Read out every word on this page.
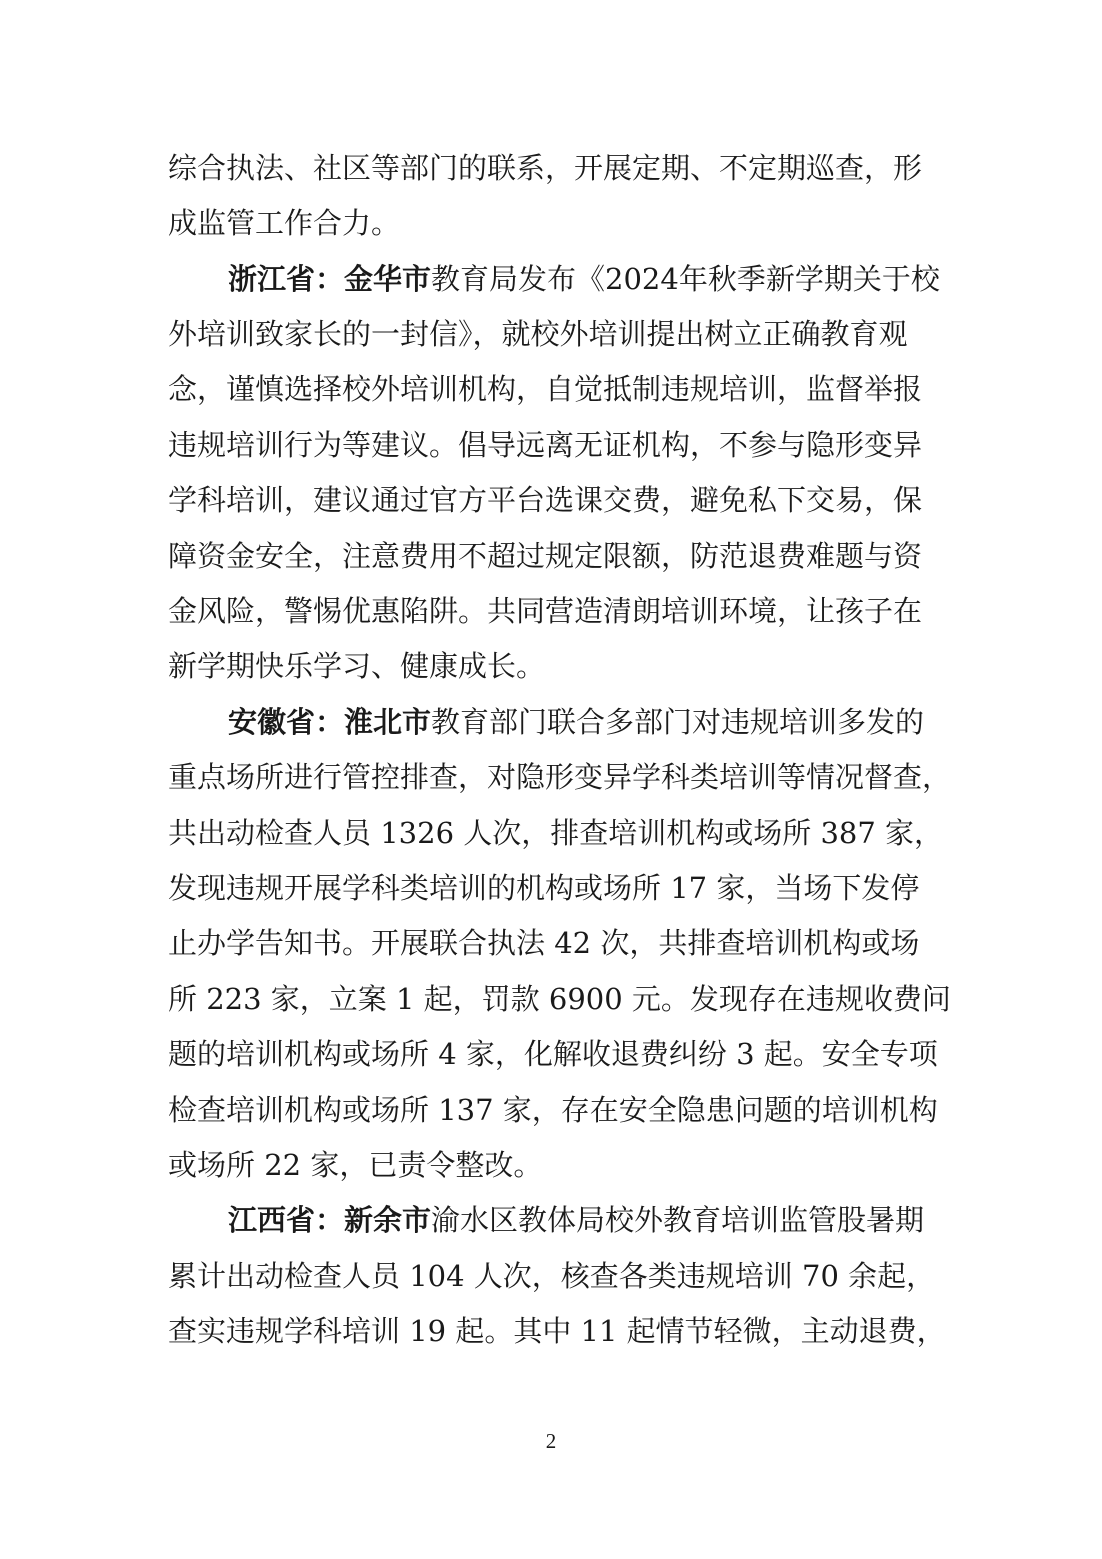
综合执法、社区等部门的联系，开展定期、不定期巡查，形
成监管工作合力。
浙江省：金华市教育局发布《2024年秋季新学期关于校
外培训致家长的一封信》，就校外培训提出树立正确教育观
念，谨慎选择校外培训机构，自觉抵制违规培训，监督举报
违规培训行为等建议。倡导远离无证机构，不参与隐形变异
学科培训，建议通过官方平台选课交费，避免私下交易，保
障资金安全，注意费用不超过规定限额，防范退费难题与资
金风险，警惕优惠陷阱。共同营造清朗培训环境，让孩子在
新学期快乐学习、健康成长。
安徽省：淮北市教育部门联合多部门对违规培训多发的
重点场所进行管控排查，对隐形变异学科类培训等情况督查，
共出动检查人员 1326 人次，排查培训机构或场所 387 家，
发现违规开展学科类培训的机构或场所 17 家，当场下发停
止办学告知书。开展联合执法 42 次，共排查培训机构或场
所 223 家，立案 1 起，罚款 6900 元。发现存在违规收费问
题的培训机构或场所 4 家，化解收退费纠纷 3 起。安全专项
检查培训机构或场所 137 家，存在安全隐患问题的培训机构
或场所 22 家，已责令整改。
江西省：新余市渝水区教体局校外教育培训监管股暑期
累计出动检查人员 104 人次，核查各类违规培训 70 余起，
查实违规学科培训 19 起。其中 11 起情节轻微，主动退费，
2
